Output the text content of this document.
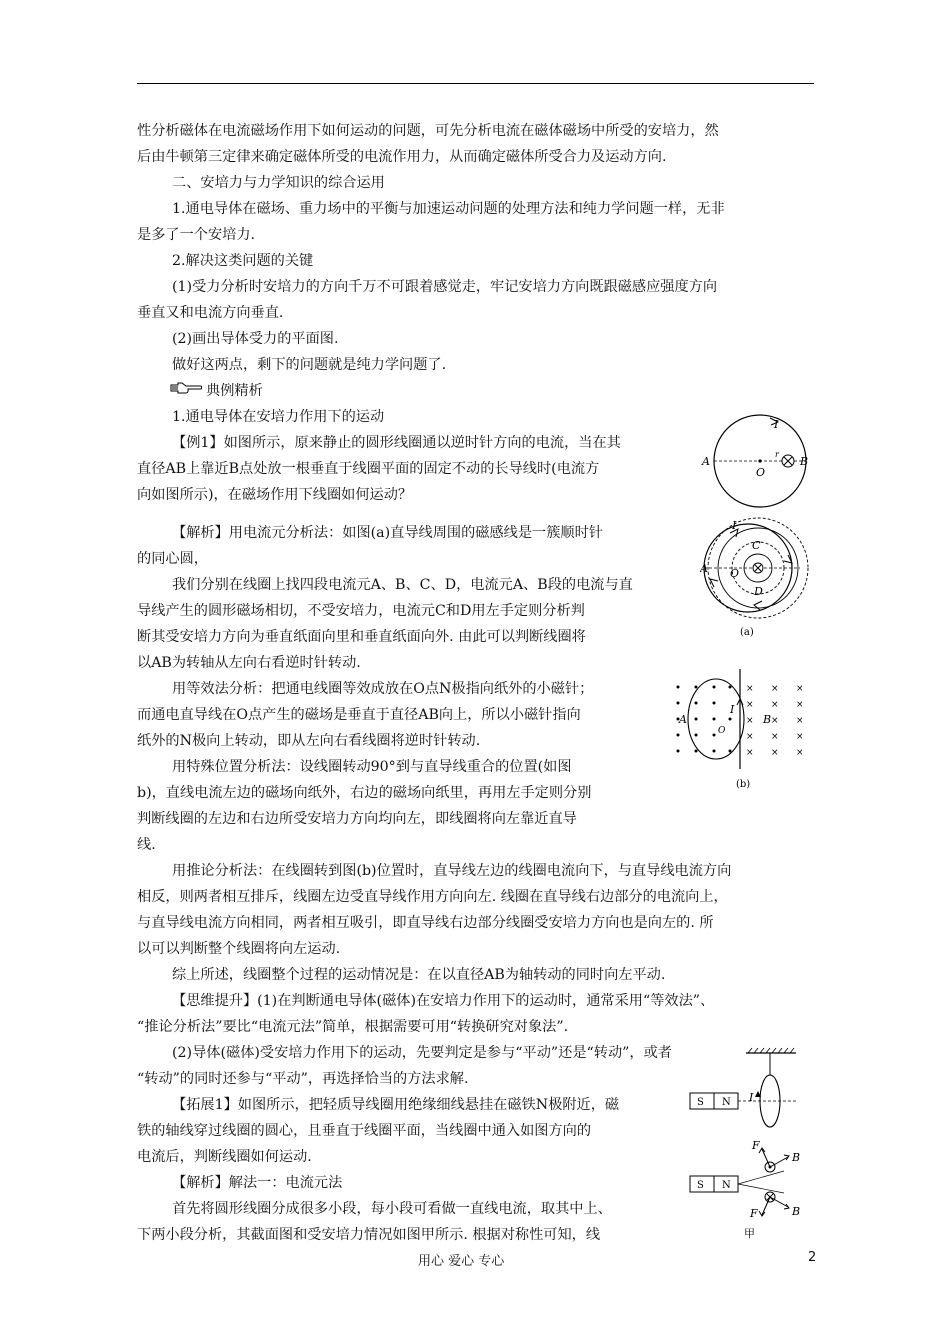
性分析磁体在电流磁场作用下如何运动的问题，可先分析电流在磁体磁场中所受的安培力，然
后由牛顿第三定律来确定磁体所受的电流作用力，从而确定磁体所受合力及运动方向.
二、安培力与力学知识的综合运用
1.通电导体在磁场、重力场中的平衡与加速运动问题的处理方法和纯力学问题一样，无非
是多了一个安培力.
2.解决这类问题的关键
(1)受力分析时安培力的方向千万不可跟着感觉走，牢记安培力方向既跟磁感应强度方向
垂直又和电流方向垂直.
(2)画出导体受力的平面图.
做好这两点，剩下的问题就是纯力学问题了.
典例精析
1.通电导体在安培力作用下的运动
【例1】如图所示，原来静止的圆形线圈通以逆时针方向的电流，当在其
直径AB上靠近B点处放一根垂直于线圈平面的固定不动的长导线时(电流方
向如图所示)，在磁场作用下线圈如何运动？
【解析】用电流元分析法：如图(a)直导线周围的磁感线是一簇顺时针
的同心圆，
我们分别在线圈上找四段电流元A、B、C、D，电流元A、B段的电流与直
导线产生的圆形磁场相切，不受安培力，电流元C和D用左手定则分析判
断其受安培力方向为垂直纸面向里和垂直纸面向外. 由此可以判断线圈将
以AB为转轴从左向右看逆时针转动.
用等效法分析：把通电线圈等效成放在O点N极指向纸外的小磁针；
而通电直导线在O点产生的磁场是垂直于直径AB向上，所以小磁针指向
纸外的N极向上转动，即从左向右看线圈将逆时针转动.
用特殊位置分析法：设线圈转动90°到与直导线重合的位置(如图
b)，直线电流左边的磁场向纸外，右边的磁场向纸里，再用左手定则分别
判断线圈的左边和右边所受安培力方向均向左，即线圈将向左靠近直导
线.
用推论分析法：在线圈转到图(b)位置时，直导线左边的线圈电流向下，与直导线电流方向
相反，则两者相互排斥，线圈左边受直导线作用方向向左. 线圈在直导线右边部分的电流向上，
与直导线电流方向相同，两者相互吸引，即直导线右边部分线圈受安培力方向也是向左的. 所
以可以判断整个线圈将向左运动.
综上所述，线圈整个过程的运动情况是：在以直径AB为轴转动的同时向左平动.
【思维提升】(1)在判断通电导体(磁体)在安培力作用下的运动时，通常采用“等效法”、
“推论分析法”要比“电流元法”简单，根据需要可用“转换研究对象法”.
(2)导体(磁体)受安培力作用下的运动，先要判定是参与“平动”还是“转动”，或者
“转动”的同时还参与“平动”，再选择恰当的方法求解.
【拓展1】如图所示，把轻质导线圈用绝缘细线悬挂在磁铁N极附近，磁
铁的轴线穿过线圈的圆心，且垂直于线圈平面，当线圈中通入如图方向的
电流后，判断线圈如何运动.
【解析】解法一：电流元法
首先将圆形线圈分成很多小段，每小段可看做一直线电流，取其中上、
下两小段分析，其截面图和受安培力情况如图甲所示. 根据对称性可知，线
I
A
O
r
B
I
C
O
D
A
(a)
×
×
×
×
×
×
×
×
×
×
×
×
×
×
×
A
I
B
O
(b)
S N I
S N
F
B
F	B
甲
用心 爱心 专心	2
